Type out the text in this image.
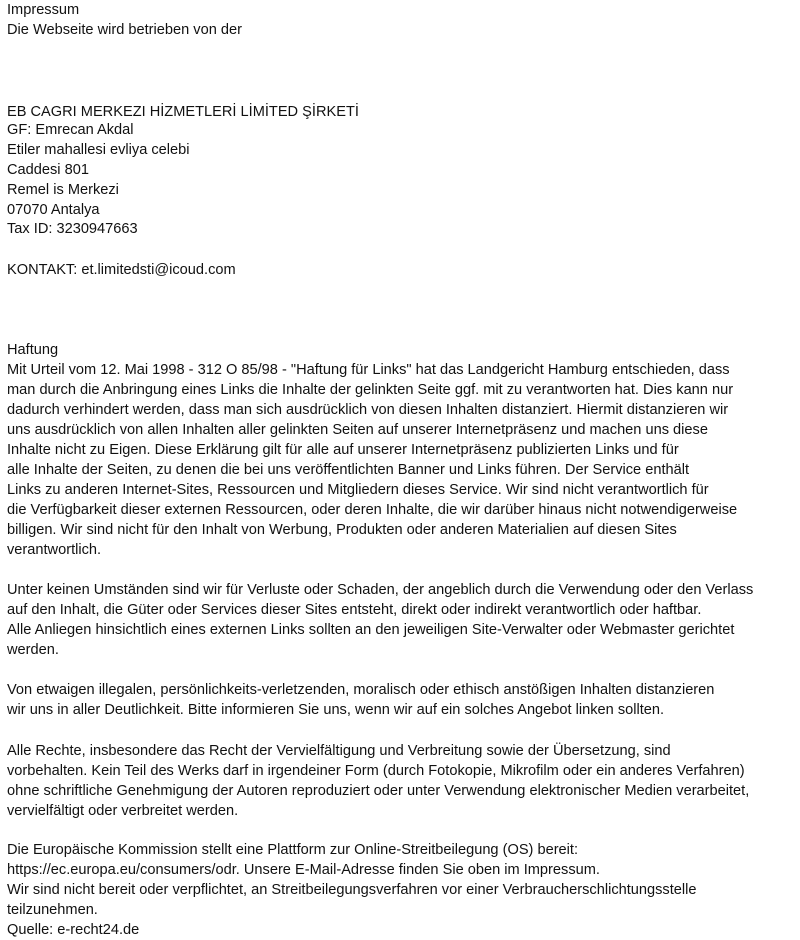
Impressum
Die Webseite wird betrieben von der
EB CAGRI MERKEZI HİZMETLERİ LİMİTED ŞİRKETİ
GF: Emrecan Akdal
Etiler mahallesi evliya celebi
Caddesi 801
Remel is Merkezi
07070 Antalya
Tax ID: 3230947663
KONTAKT: et.limitedsti@icoud.com
Haftung
Mit Urteil vom 12. Mai 1998 - 312 O 85/98 - "Haftung für Links" hat das Landgericht Hamburg entschieden, dass
man durch die Anbringung eines Links die Inhalte der gelinkten Seite ggf. mit zu verantworten hat. Dies kann nur
dadurch verhindert werden, dass man sich ausdrücklich von diesen Inhalten distanziert. Hiermit distanzieren wir
uns ausdrücklich von allen Inhalten aller gelinkten Seiten auf unserer Internetpräsenz und machen uns diese
Inhalte nicht zu Eigen. Diese Erklärung gilt für alle auf unserer Internetpräsenz publizierten Links und für
alle Inhalte der Seiten, zu denen die bei uns veröffentlichten Banner und Links führen. Der Service enthält
Links zu anderen Internet-Sites, Ressourcen und Mitgliedern dieses Service. Wir sind nicht verantwortlich für
die Verfügbarkeit dieser externen Ressourcen, oder deren Inhalte, die wir darüber hinaus nicht notwendigerweise
billigen. Wir sind nicht für den Inhalt von Werbung, Produkten oder anderen Materialien auf diesen Sites
verantwortlich.
Unter keinen Umständen sind wir für Verluste oder Schaden, der angeblich durch die Verwendung oder den Verlass
auf den Inhalt, die Güter oder Services dieser Sites entsteht, direkt oder indirekt verantwortlich oder haftbar.
Alle Anliegen hinsichtlich eines externen Links sollten an den jeweiligen Site-Verwalter oder Webmaster gerichtet
werden.
Von etwaigen illegalen, persönlichkeits-verletzenden, moralisch oder ethisch anstößigen Inhalten distanzieren
wir uns in aller Deutlichkeit. Bitte informieren Sie uns, wenn wir auf ein solches Angebot linken sollten.
Alle Rechte, insbesondere das Recht der Vervielfältigung und Verbreitung sowie der Übersetzung, sind
vorbehalten. Kein Teil des Werks darf in irgendeiner Form (durch Fotokopie, Mikrofilm oder ein anderes Verfahren)
ohne schriftliche Genehmigung der Autoren reproduziert oder unter Verwendung elektronischer Medien verarbeitet,
vervielfältigt oder verbreitet werden.
Die Europäische Kommission stellt eine Plattform zur Online-Streitbeilegung (OS) bereit:
https://ec.europa.eu/consumers/odr. Unsere E-Mail-Adresse finden Sie oben im Impressum.
Wir sind nicht bereit oder verpflichtet, an Streitbeilegungsverfahren vor einer Verbraucherschlichtungsstelle
teilzunehmen.
Quelle: e-recht24.de
